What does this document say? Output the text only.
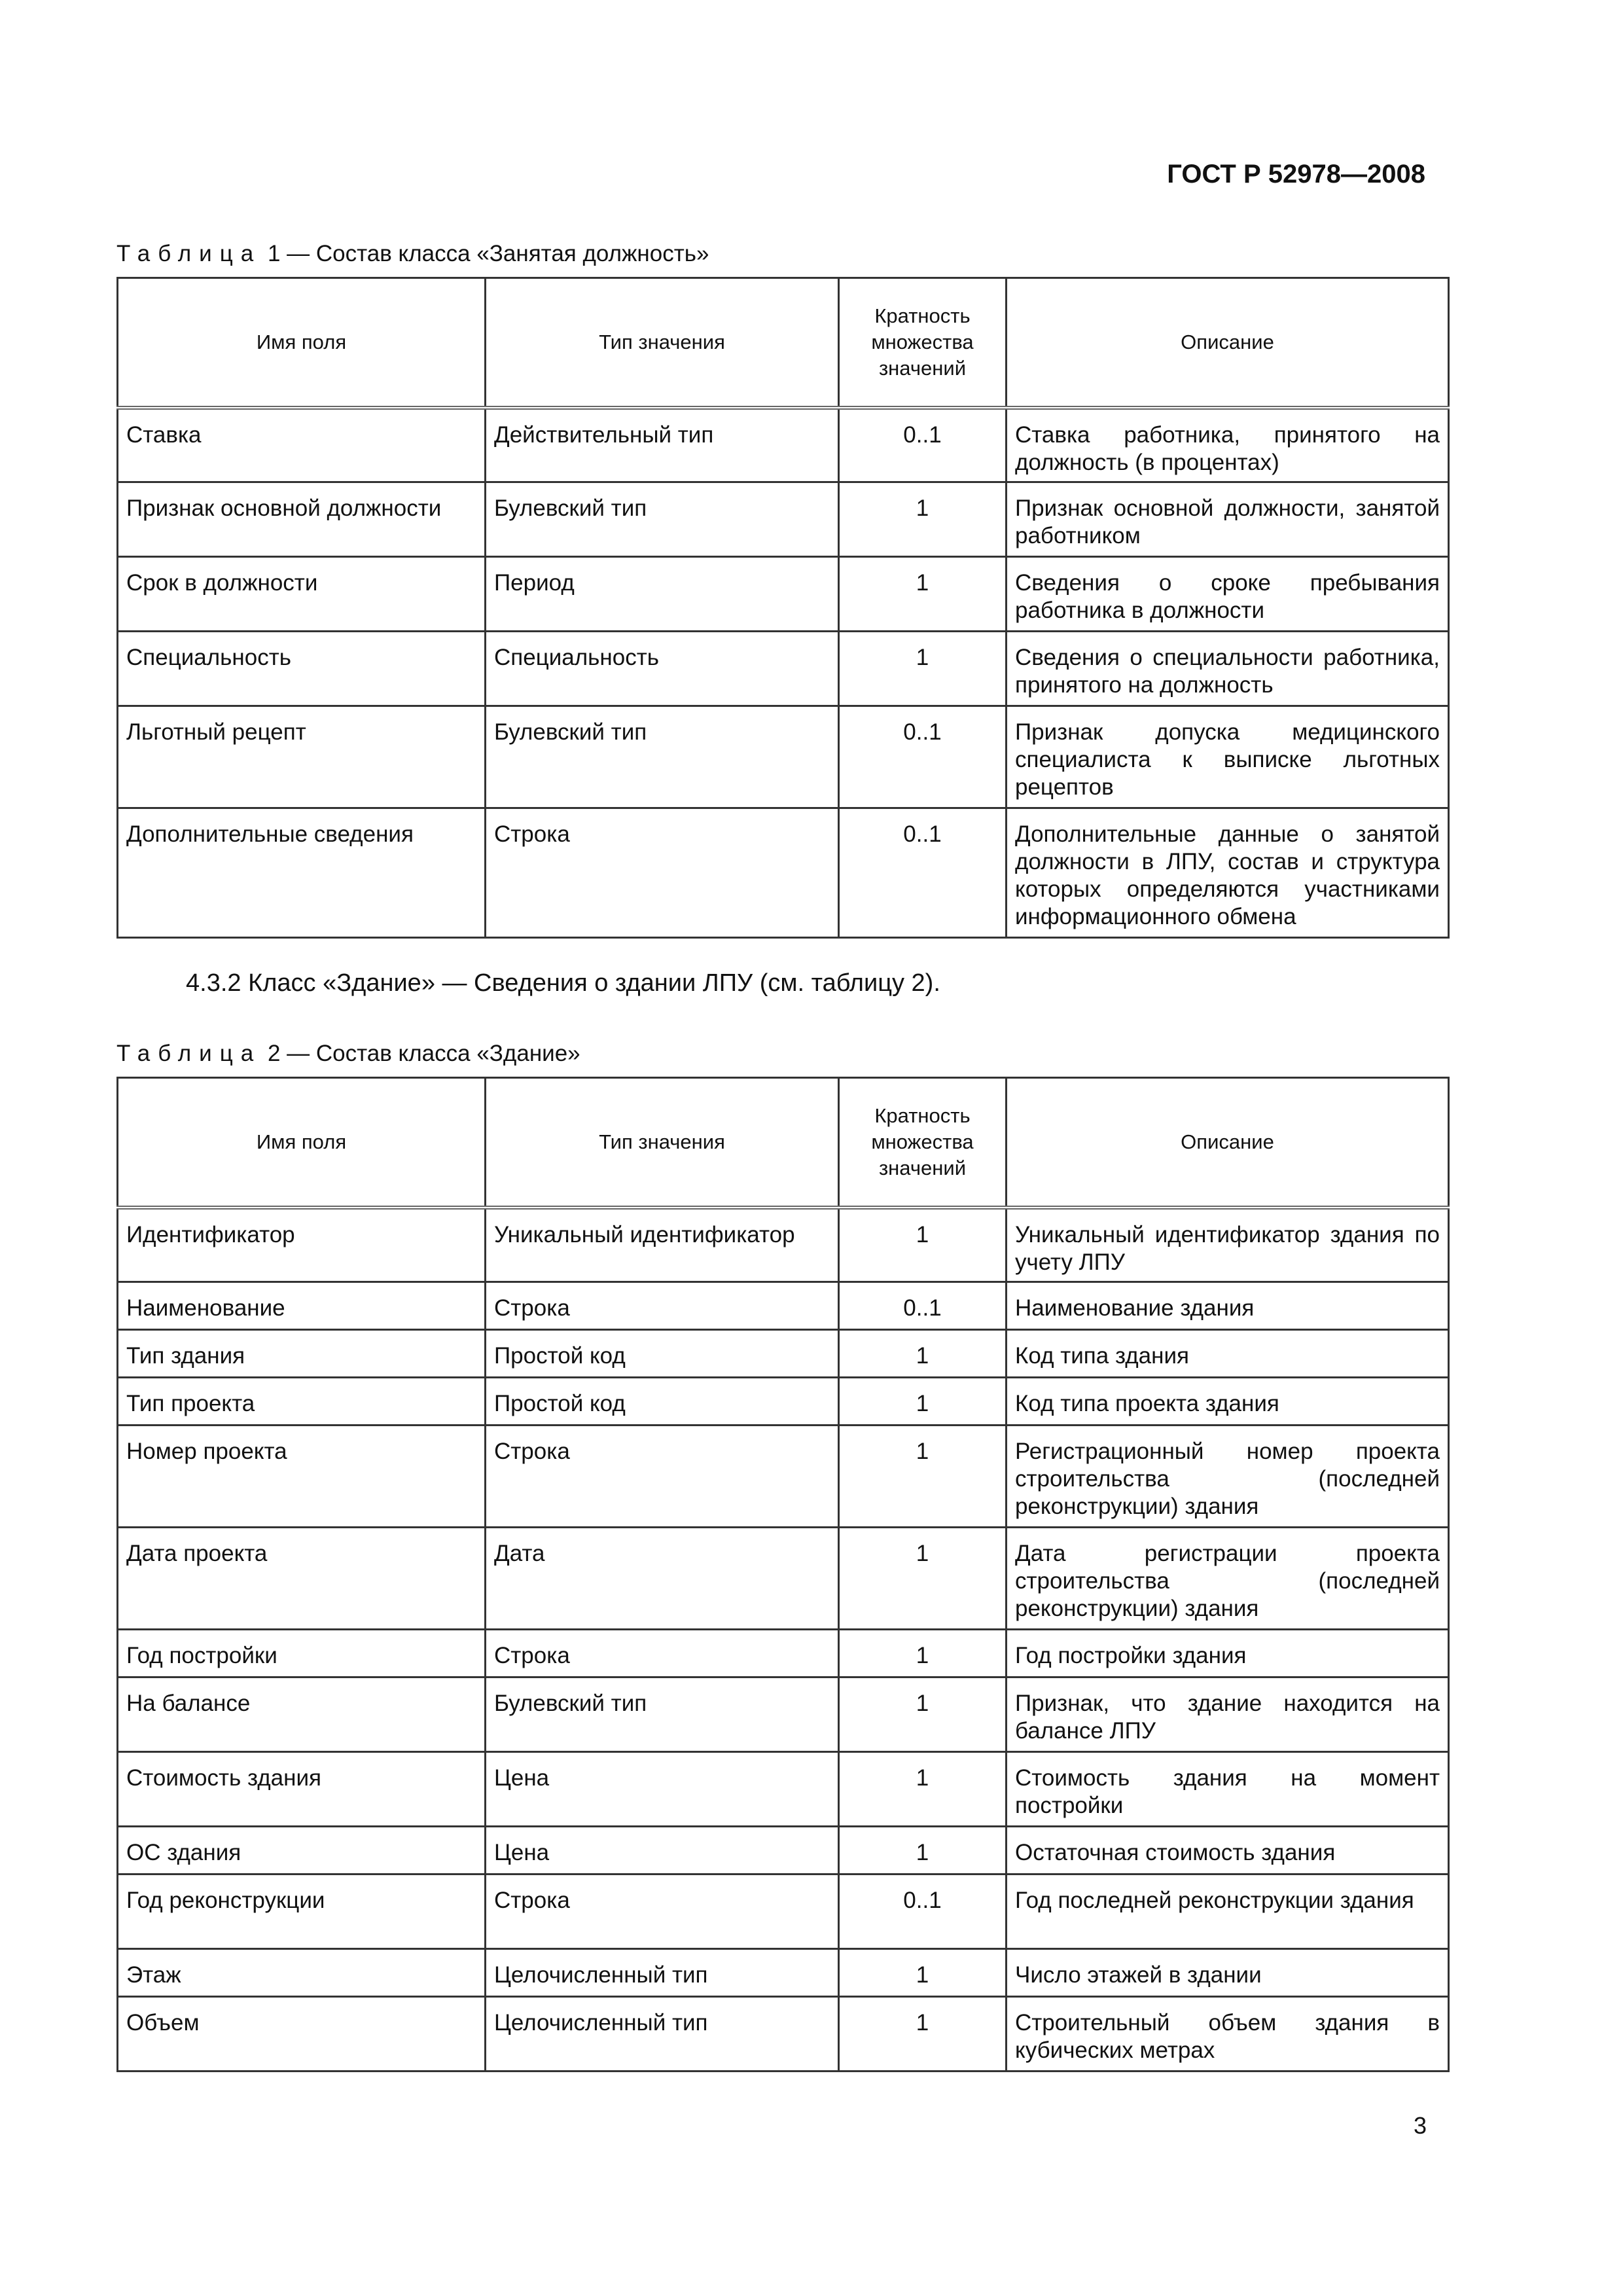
ГОСТ Р 52978—2008
Таблица 1 — Состав класса «Занятая должность»
Имя поля	Тип значения	Кратность множества значений	Описание
Ставка	Действительный тип	0..1	Ставка работника, принятого на должность (в процентах)
Признак основной должности	Булевский тип	1	Признак основной должности, занятой работником
Срок в должности	Период	1	Сведения о сроке пребывания работника в должности
Специальность	Специальность	1	Сведения о специальности работника, принятого на должность
Льготный рецепт	Булевский тип	0..1	Признак допуска медицинского специалиста к выписке льготных рецептов
Дополнительные сведения	Строка	0..1	Дополнительные данные о занятой должности в ЛПУ, состав и структура которых определяются участниками информационного обмена
4.3.2 Класс «Здание» — Сведения о здании ЛПУ (см. таблицу 2).
Таблица 2 — Состав класса «Здание»
Имя поля	Тип значения	Кратность множества значений	Описание
Идентификатор	Уникальный идентификатор	1	Уникальный идентификатор здания по учету ЛПУ
Наименование	Строка	0..1	Наименование здания
Тип здания	Простой код	1	Код типа здания
Тип проекта	Простой код	1	Код типа проекта здания
Номер проекта	Строка	1	Регистрационный номер проекта строительства (последней реконструкции) здания
Дата проекта	Дата	1	Дата регистрации проекта строительства (последней реконструкции) здания
Год постройки	Строка	1	Год постройки здания
На балансе	Булевский тип	1	Признак, что здание находится на балансе ЛПУ
Стоимость здания	Цена	1	Стоимость здания на момент постройки
ОС здания	Цена	1	Остаточная стоимость здания
Год реконструкции	Строка	0..1	Год последней реконструкции здания
Этаж	Целочисленный тип	1	Число этажей в здании
Объем	Целочисленный тип	1	Строительный объем здания в кубических метрах
3
